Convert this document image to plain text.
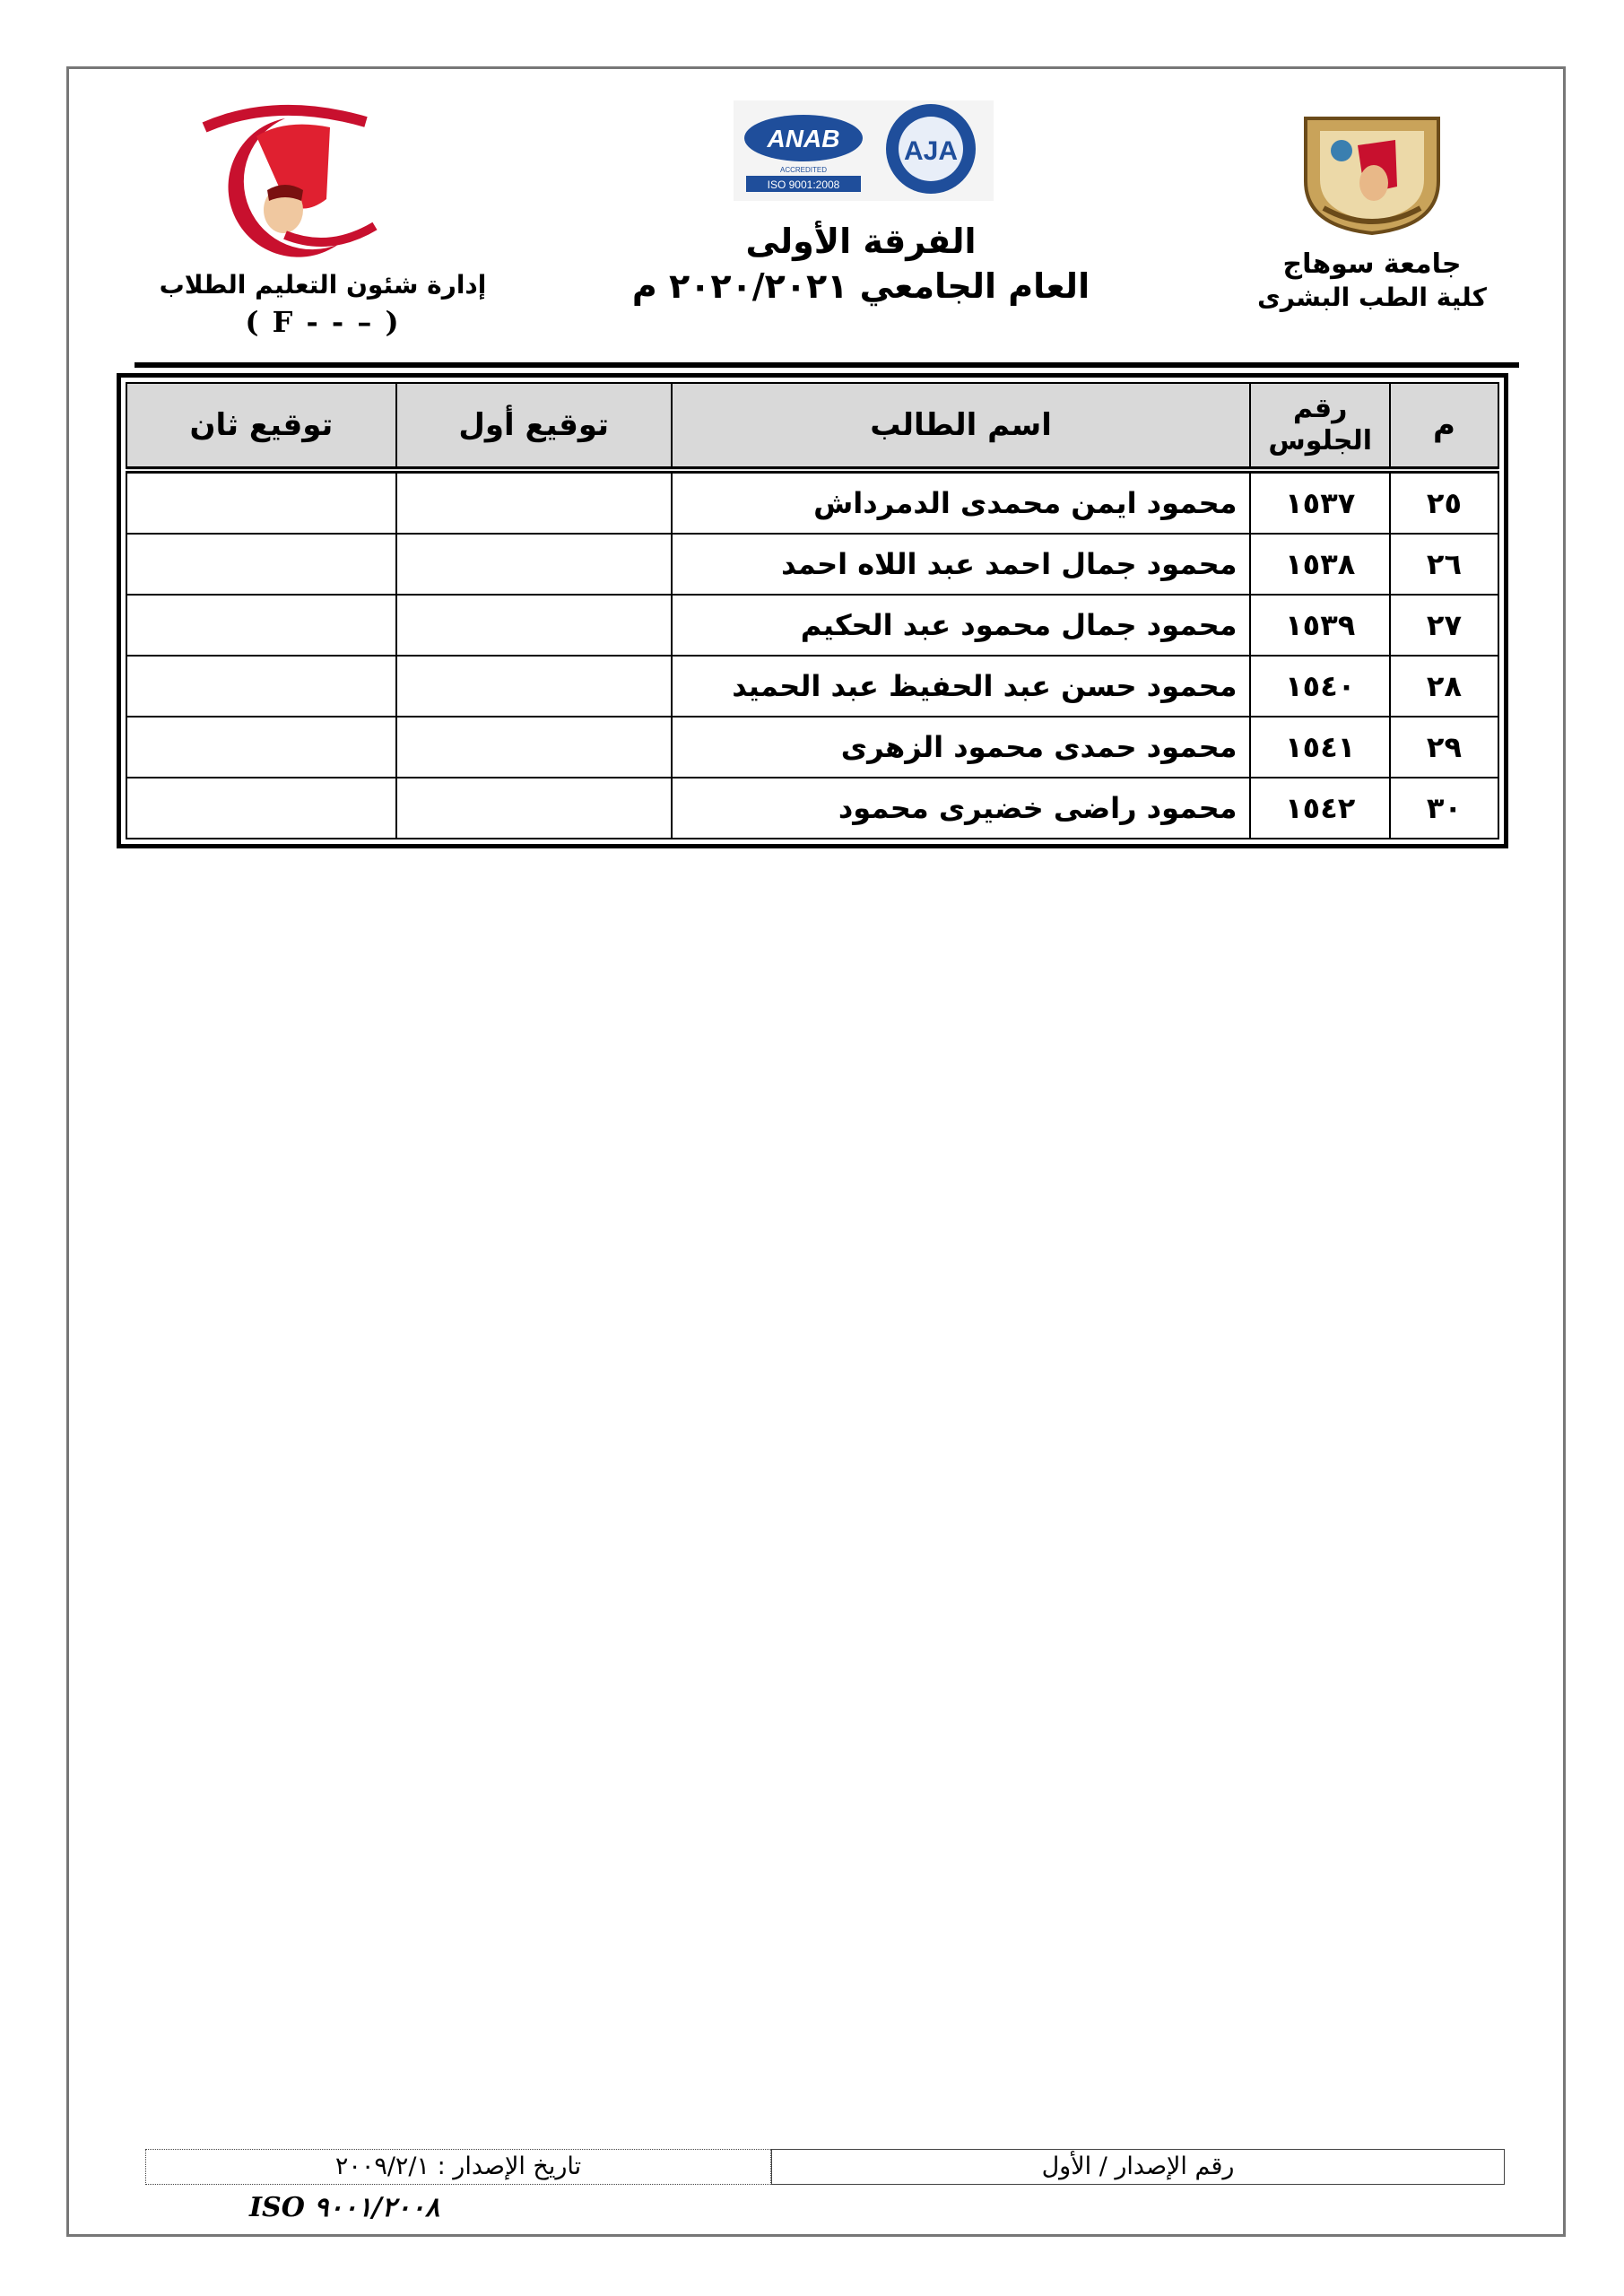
ANAB
ACCREDITED
ISO 9001:2008
AJA
جامعة سوهاج
كلية الطب البشرى
الفرقة الأولى
العام الجامعي ٢٠٢٠/٢٠٢١ م
إدارة شئون التعليم الطلاب
( F - - – )
م	رقم الجلوس	اسم الطالب	توقيع أول	توقيع ثان
٢٥	١٥٣٧	محمود ايمن محمدى الدمرداش		
٢٦	١٥٣٨	محمود جمال احمد عبد اللاه احمد		
٢٧	١٥٣٩	محمود جمال محمود عبد الحكيم		
٢٨	١٥٤٠	محمود حسن عبد الحفيظ عبد الحميد		
٢٩	١٥٤١	محمود حمدى محمود الزهرى		
٣٠	١٥٤٢	محمود راضى خضيرى محمود		
رقم الإصدار / الأول
تاريخ الإصدار : ٢٠٠٩/٢/١
ISO ٩٠٠١/٢٠٠٨
